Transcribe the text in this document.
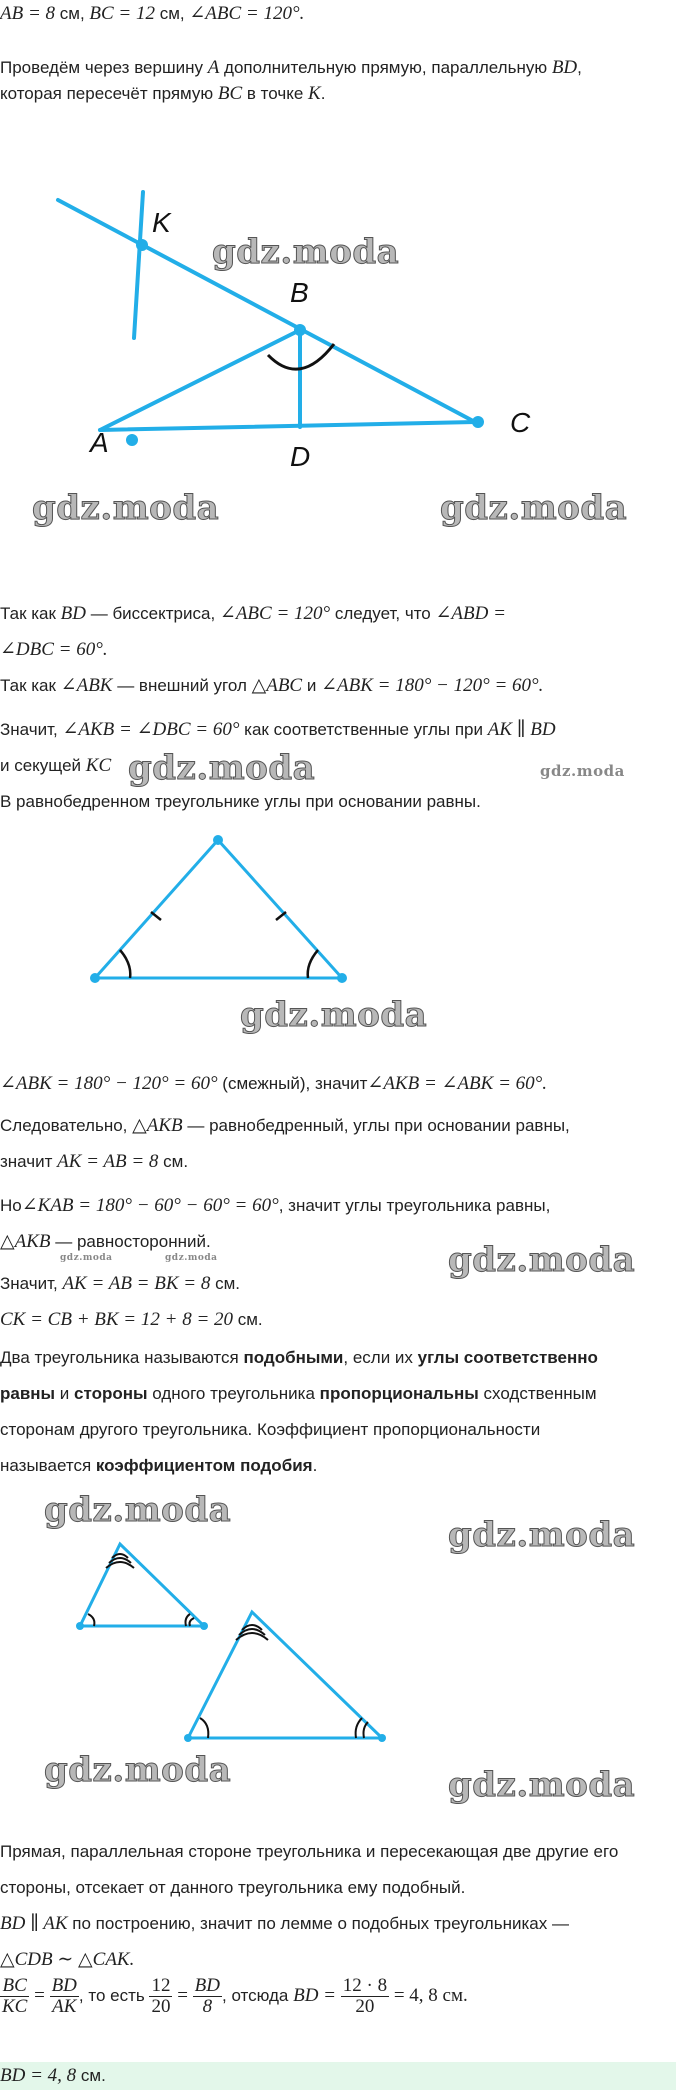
AB = 8 см, BC = 12 см, ∠ABC = 120°.
Проведём через вершину A дополнительную прямую, параллельную BD,
которая пересечёт прямую BC в точке K.
K
B
A	D
C
gdz.moda
gdz.moda	gdz.moda
Так как BD — биссектриса, ∠ABC = 120° следует, что ∠ABD =
∠DBC = 60°.
Так как ∠ABK — внешний угол △ABC и ∠ABK = 180° − 120° = 60°.
Значит, ∠AKB = ∠DBC = 60° как соответственные углы при AK ∥ BD
и секущей KC gdz.moda	gdz.moda
В равнобедренном треугольнике углы при основании равны.
gdz.moda
∠ABK = 180° − 120° = 60° (смежный), значит∠AKB = ∠ABK = 60°.
Следовательно, △AKB — равнобедренный, углы при основании равны,
значит AK = AB = 8 см.
Но∠KAB = 180° − 60° − 60° = 60°, значит углы треугольника равны,
△AKB — равносторонний.
gdz.moda	gdz.moda	gdz.moda
Значит, AK = AB = BK = 8 см.
CK = CB + BK = 12 + 8 = 20 см.
Два треугольника называются подобными, если их углы соответственно
равны и стороны одного треугольника пропорциональны сходственным
сторонам другого треугольника. Коэффициент пропорциональности
называется коэффициентом подобия.
gdz.moda
gdz.moda
gdz.moda	gdz.moda
Прямая, параллельная стороне треугольника и пересекающая две другие его
стороны, отсекает от данного треугольника ему подобный.
BD ∥ AK по построению, значит по лемме о подобных треугольниках —
△CDB ∼ △CAK.
$\frac{BC}{KC} = \frac{BD}{AK}$ , то есть $\frac{12}{20} = \frac{BD}{8}$ , отсюда BD = $\frac{12 \cdot 8}{20} = 4$, 8 см.
BD = 4, 8 см.
